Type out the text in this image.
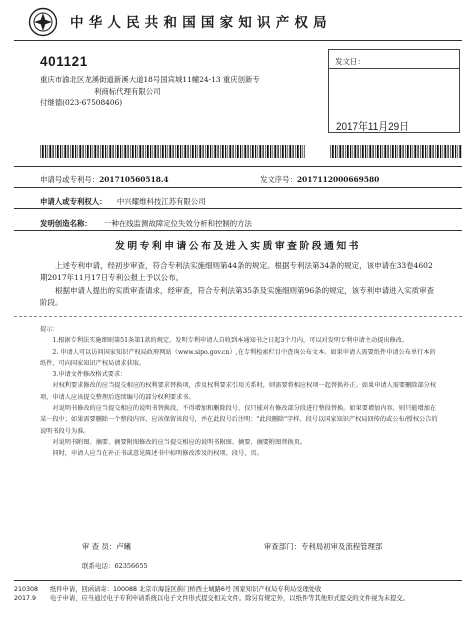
中华人民共和国国家知识产权局
401121
重庆市渝北区龙溪街道新溪大道18号国宾城11幢24-13 重庆创新专
利商标代理有限公司
付继德(023-67508406)
发文日：
2017年11月29日
申请号或专利号：201710560518.4	发文序号：2017112000669580
申请人或专利权人： 中兴耀维科技江苏有限公司
发明创造名称： 一种在线监测故障定位失效分析和控制的方法
发明专利申请公布及进入实质审查阶段通知书
上述专利申请，经初步审查，符合专利法实施细则第44条的规定。根据专利法第34条的规定，该申请在33卷4602期2017年11月17日专利公报上予以公布。
根据申请人提出的实质审查请求，经审查，符合专利法第35条及实施细则第96条的规定，该专利申请进入实质审查阶段。

提示：

1.根据专利法实施细则第51条第1款的规定，发明专利申请人自收到本通知书之日起3个月内，可以对发明专利申请主动提出修改。

2. 申请人可以访问国家知识产权局政府网站（www.sipo.gov.cn）,在专利检索栏目中查询公布文本。如果申请人需要纸件申请公布单行本的纸件，可向国家知识产权局请求获取。

3.申请文件修改格式要求：

对权利要求修改的应当提交相应的权利要求替换项，涉及权利要求引用关系时，则需要将相应权项一起替换补正。如果申请人需要删除部分权项，申请人应该提交整理后连续编号的部分权利要求书。

对说明书修改的应当提交相应的说明书替换段，不得增加和删除段号，仅只能对有修改部分段进行整段替换。如果要增加内容，则只能增加在某一段中；如果需要删除一个整段内容，应该保留该段号，并在此段号后注明："此段删除"字样。段号以国家知识产权局回传的或公布/授权公告的说明书段号为准。

对说明书附图、摘要、摘要附图修改的应当提交相应的说明书附图、摘要、摘要附图替换页。

同时，申请人应当在补正书或意见陈述书中标明修改涉及的权项、段号、页。

审 查 员：卢曦	审查部门：专利局初审及流程管理部
联系电话：62356655
210308 纸件申请，回函请寄：100088 北京市海淀区蓟门桥西土城路6号 国家知识产权局专利局受理处收
2017.9 电子申请，应当通过电子专利申请系统以电子文件形式提交相关文件。除另有规定外，以纸件等其他形式提交的文件视为未提交。
